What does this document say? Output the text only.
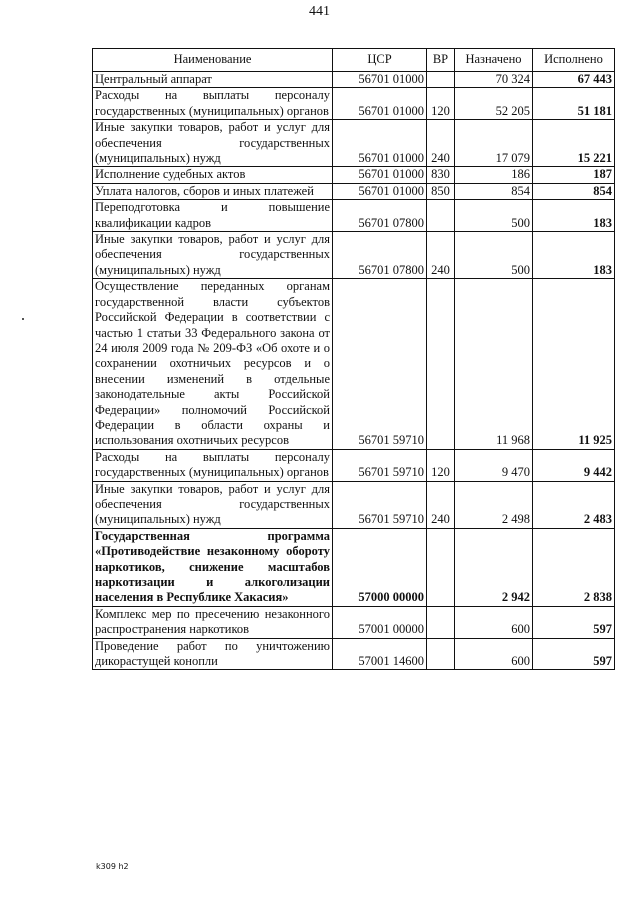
441
Наименование	ЦСР	ВР	Назначено	Исполнено
Центральный аппарат	56701 01000		70 324	67 443
Расходы на выплаты персоналу государственных (муниципальных) органов	56701 01000	120	52 205	51 181
Иные закупки товаров, работ и услуг для обеспечения государственных (муниципальных) нужд	56701 01000	240	17 079	15 221
Исполнение судебных актов	56701 01000	830	186	187
Уплата налогов, сборов и иных платежей	56701 01000	850	854	854
Переподготовка и повышение квалификации кадров	56701 07800		500	183
Иные закупки товаров, работ и услуг для обеспечения государственных (муниципальных) нужд	56701 07800	240	500	183
Осуществление переданных органам государственной власти субъектов Российской Федерации в соответствии с частью 1 статьи 33 Федерального закона от 24 июля 2009 года № 209-ФЗ «Об охоте и о сохранении охотничьих ресурсов и о внесении изменений в отдельные законодательные акты Российской Федерации» полномочий Российской Федерации в области охраны и использования охотничьих ресурсов	56701 59710		11 968	11 925
Расходы на выплаты персоналу государственных (муниципальных) органов	56701 59710	120	9 470	9 442
Иные закупки товаров, работ и услуг для обеспечения государственных (муниципальных) нужд	56701 59710	240	2 498	2 483
Государственная программа «Противодействие незаконному обороту наркотиков, снижение масштабов наркотизации и алкоголизации населения в Республике Хакасия»	57000 00000		2 942	2 838
Комплекс мер по пресечению незаконного распространения наркотиков	57001 00000		600	597
Проведение работ по уничтожению дикорастущей конопли	57001 14600		600	597
k309 h2
